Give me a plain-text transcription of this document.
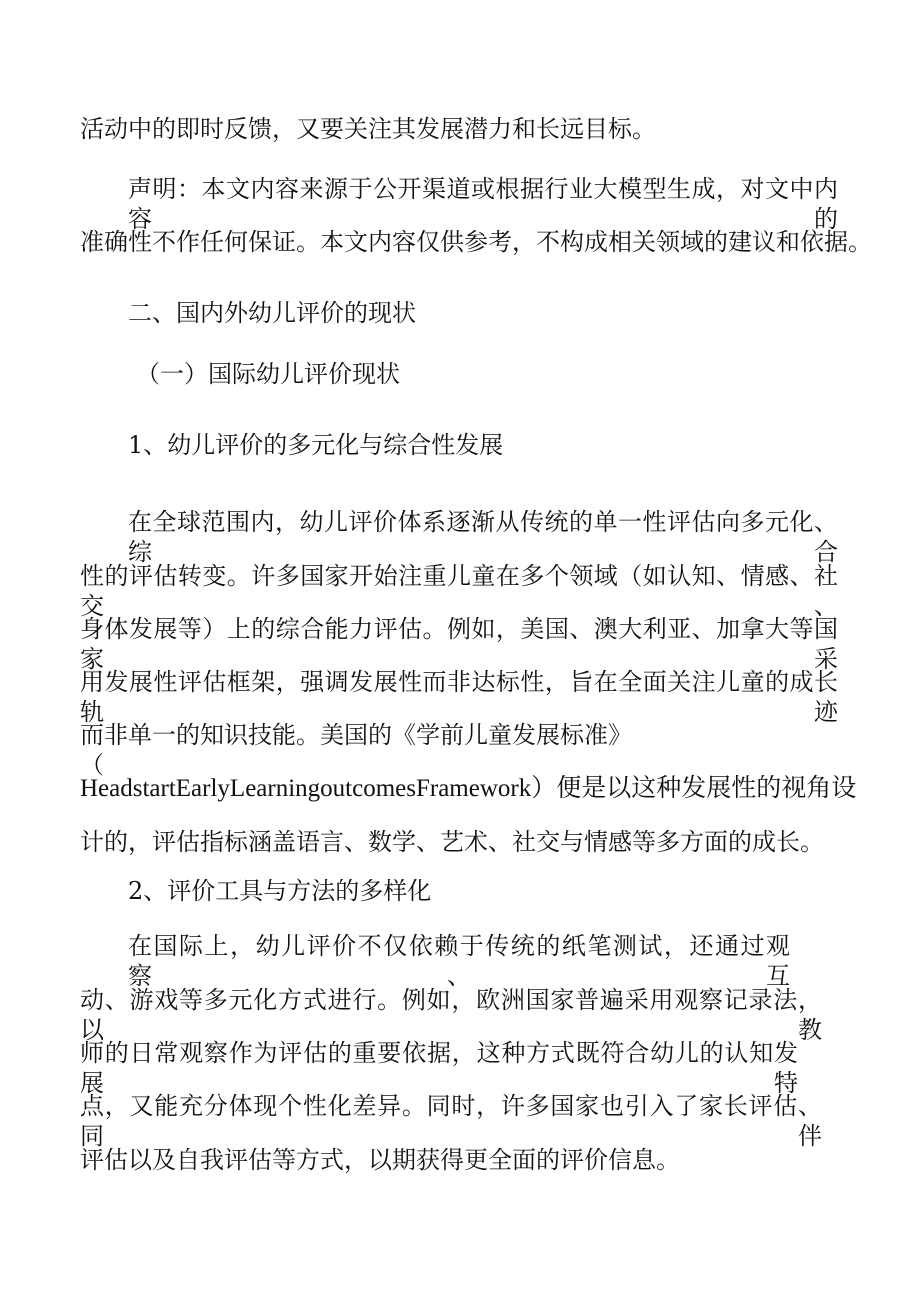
活动中的即时反馈，又要关注其发展潜力和长远目标。

声明：本文内容来源于公开渠道或根据行业大模型生成，对文中内容的

准确性不作任何保证。本文内容仅供参考，不构成相关领域的建议和依据。

二、国内外幼儿评价的现状

（一）国际幼儿评价现状

1、幼儿评价的多元化与综合性发展

在全球范围内，幼儿评价体系逐渐从传统的单一性评估向多元化、综合

性的评估转变。许多国家开始注重儿童在多个领域（如认知、情感、社交、

身体发展等）上的综合能力评估。例如，美国、澳大利亚、加拿大等国家采

用发展性评估框架，强调发展性而非达标性，旨在全面关注儿童的成长轨迹

而非单一的知识技能。美国的《学前儿童发展标准》（

HeadstartEarlyLearningoutcomesFramework）便是以这种发展性的视角设

计的，评估指标涵盖语言、数学、艺术、社交与情感等多方面的成长。

2、评价工具与方法的多样化

在国际上，幼儿评价不仅依赖于传统的纸笔测试，还通过观察、互

动、游戏等多元化方式进行。例如，欧洲国家普遍采用观察记录法，以教

师的日常观察作为评估的重要依据，这种方式既符合幼儿的认知发展特

点，又能充分体现个性化差异。同时，许多国家也引入了家长评估、同伴

评估以及自我评估等方式，以期获得更全面的评价信息。
